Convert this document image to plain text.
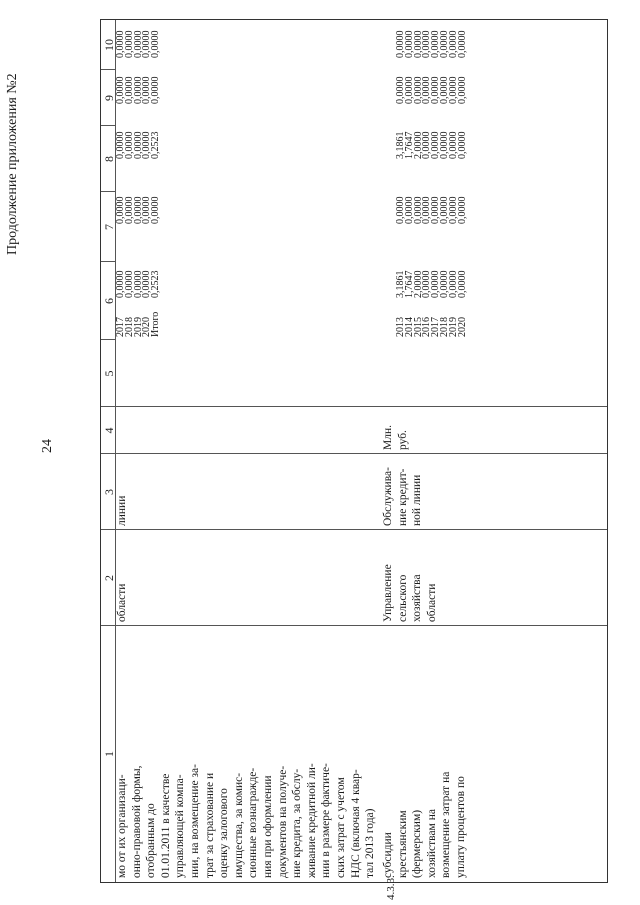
24
Продолжение приложения №2
1
2
3
4
5
6
7
8
9
10
мо от их организаци- онно-правовой формы, отобранным до 01.01.2011 в качестве управляющей компа- нии, на возмещение за- трат за страхование и оценку залогового имущества, за комис- сионные вознагражде- ния при оформлении документов на получе- ние кредита, за обслу- живание кредитной ли- нии в размере фактиче- ских затрат с учетом НДС (включая 4 квар- тал 2013 года)
области
линии
2017
2018
2019
2020
Итого
0,0000
0,0000
0,0000
0,0000
0,2523
0,0000
0,0000
0,0000
0,0000
0,0000
0,0000
0,0000
0,0000
0,0000
0,2523
0,0000
0,0000
0,0000
0,0000
0,0000
0,0000
0,0000
0,0000
0,0000
0,0000
4.3.3.
субсидии крестьянским (фермерским) хозяйствам на возмещение затрат на уплату процентов по
Управление сельского хозяйства области
Обслужива- ние кредит- ной линии
Млн. руб.
2013
2014
2015
2016
2017
2018
2019
2020
3,1861
1,7647
2,0000
0,0000
0,0000
0,0000
0,0000
0,0000
0,0000
0,0000
0,0000
0,0000
0,0000
0,0000
0,0000
0,0000
3,1861
1,7647
2,0000
0,0000
0,0000
0,0000
0,0000
0,0000
0,0000
0,0000
0,0000
0,0000
0,0000
0,0000
0,0000
0,0000
0,0000
0,0000
0,0000
0,0000
0,0000
0,0000
0,0000
0,0000
